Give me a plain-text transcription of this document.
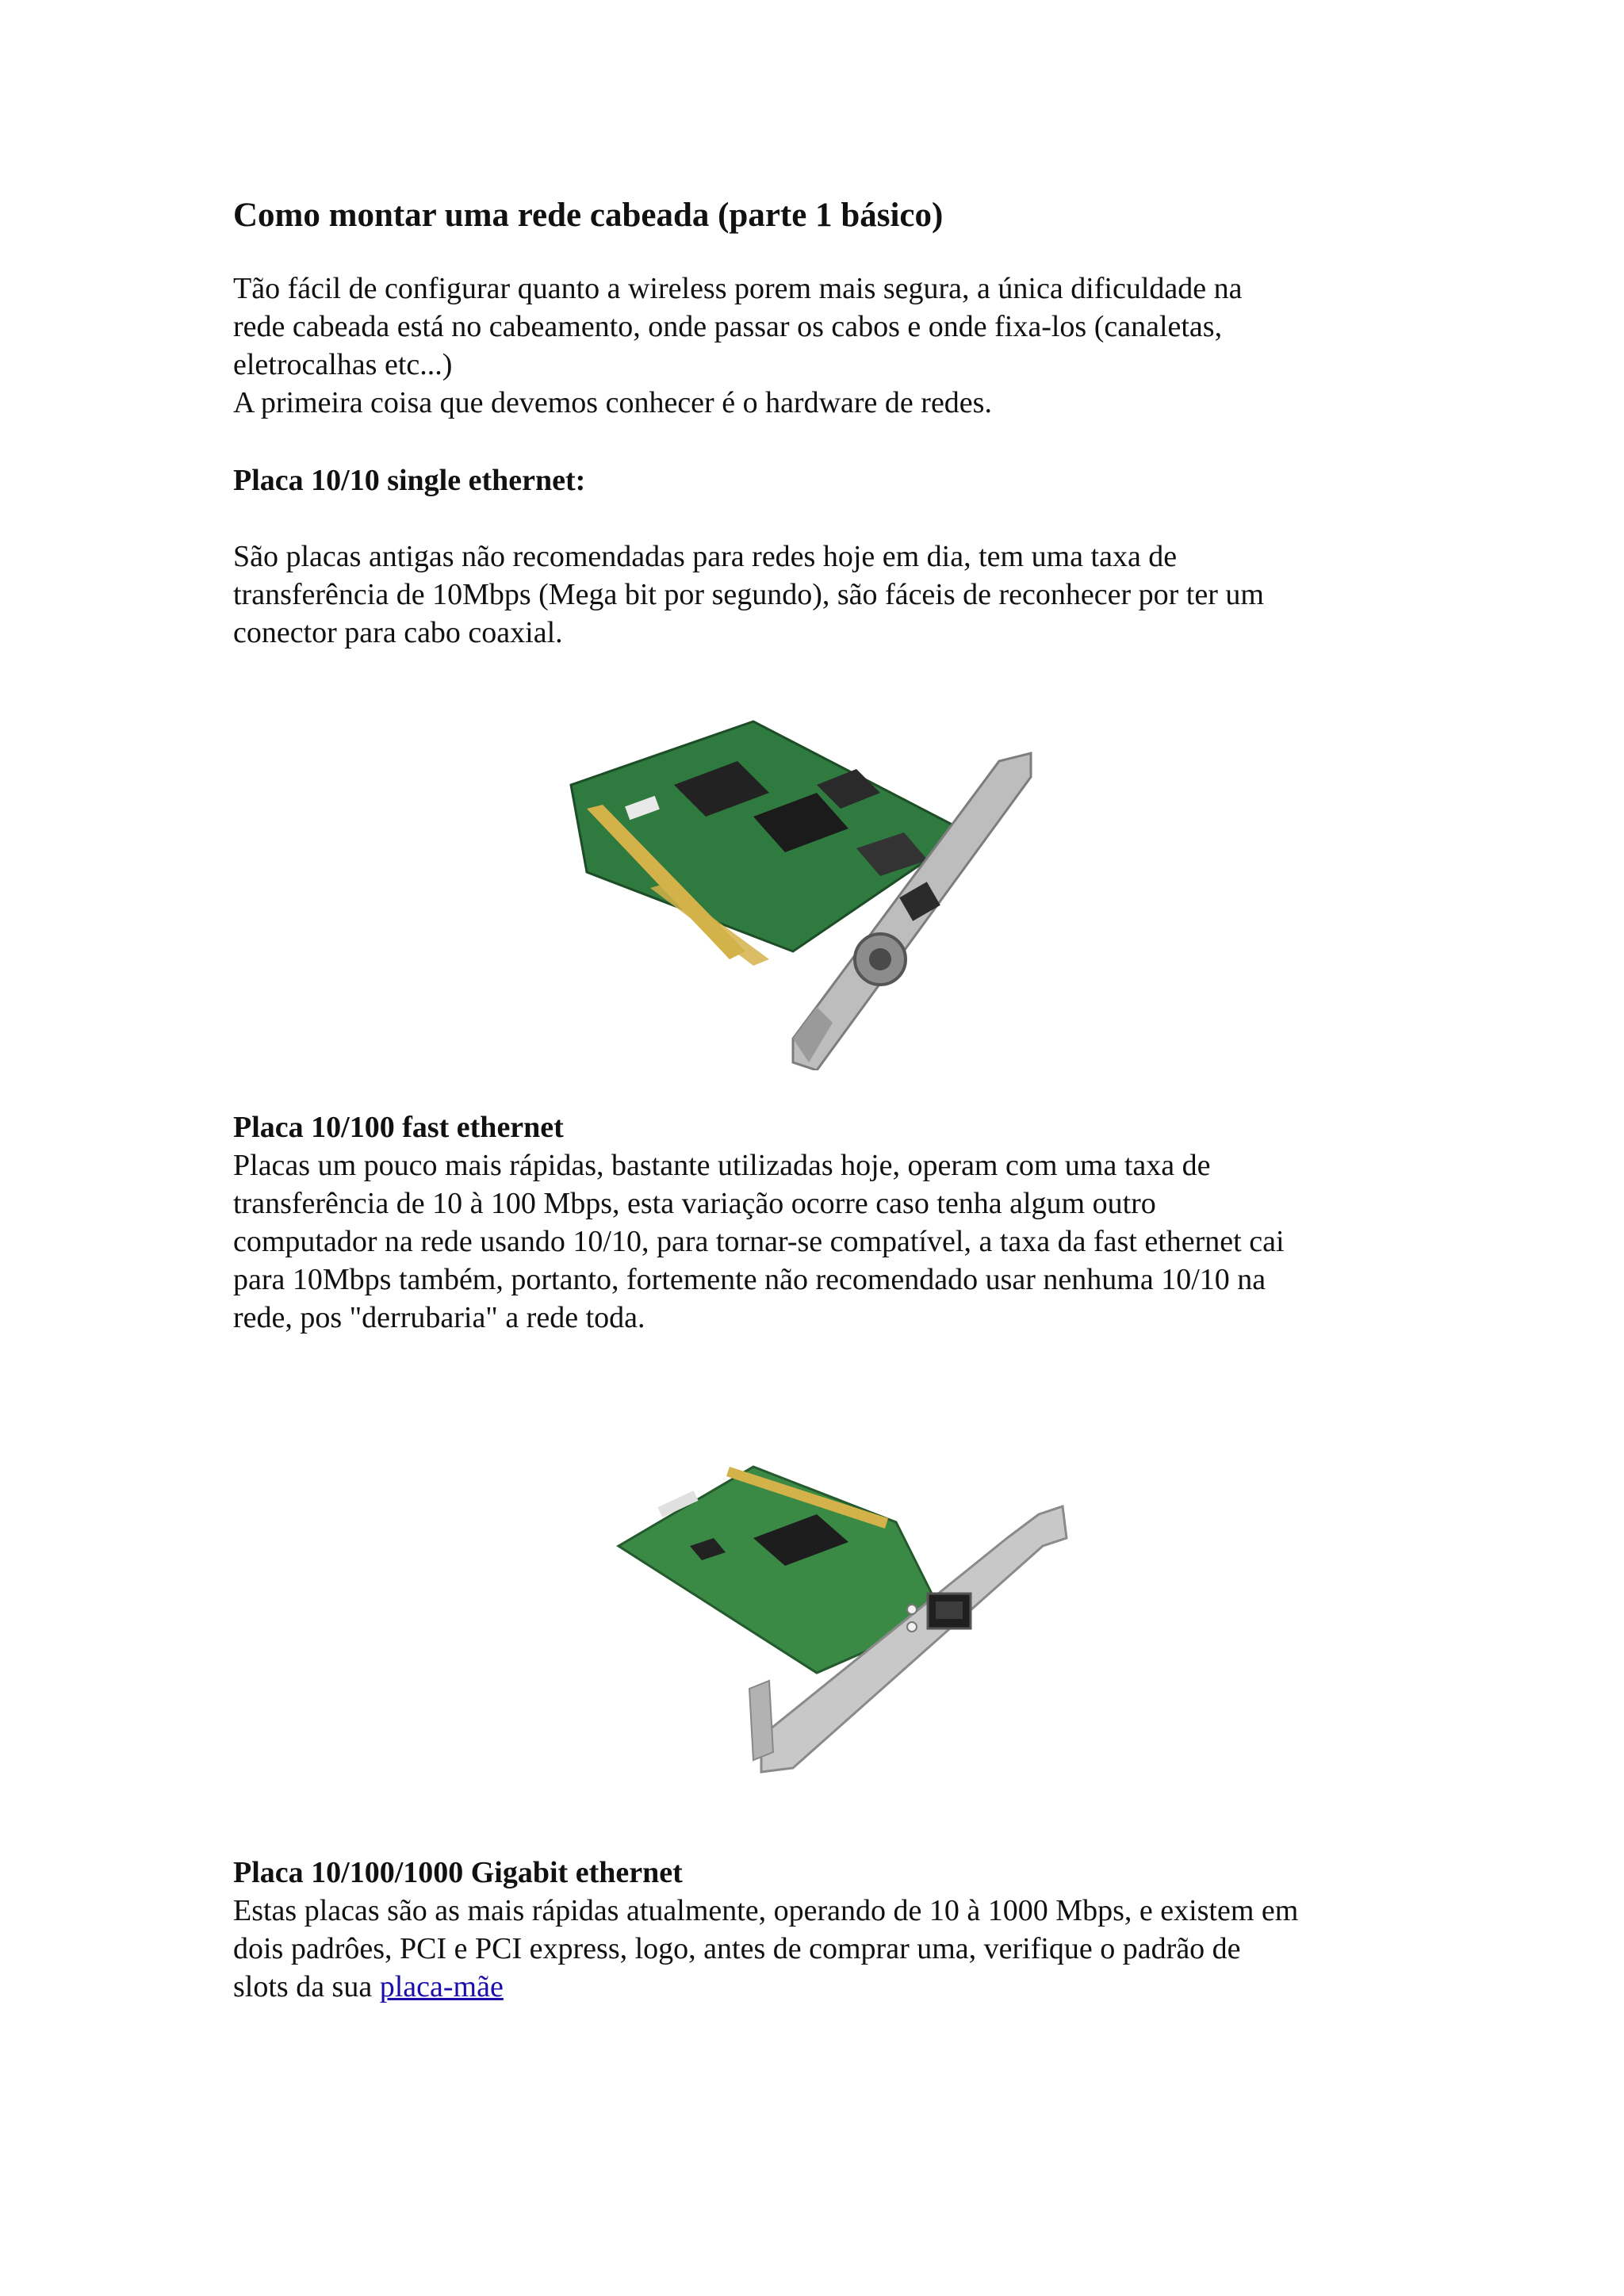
Como montar uma rede cabeada (parte 1 básico)

Tão fácil de configurar quanto a wireless porem mais segura, a única dificuldade na
rede cabeada está no cabeamento, onde passar os cabos e onde fixa-los (canaletas,
eletrocalhas etc...)
A primeira coisa que devemos conhecer é o hardware de redes.

Placa 10/10 single ethernet:

São placas antigas não recomendadas para redes hoje em dia, tem uma taxa de
transferência de 10Mbps (Mega bit por segundo), são fáceis de reconhecer por ter um
conector para cabo coaxial.

Placa 10/100 fast ethernet

Placas um pouco mais rápidas, bastante utilizadas hoje, operam com uma taxa de
transferência de 10 à 100 Mbps, esta variação ocorre caso tenha algum outro
computador na rede usando 10/10, para tornar-se compatível, a taxa da fast ethernet cai
para 10Mbps também, portanto, fortemente não recomendado usar nenhuma 10/10 na
rede, pos "derrubaria" a rede toda.

Placa 10/100/1000 Gigabit ethernet

Estas placas são as mais rápidas atualmente, operando de 10 à 1000 Mbps, e existem em
dois padrôes, PCI e PCI express, logo, antes de comprar uma, verifique o padrão de
slots da sua placa-mãe
